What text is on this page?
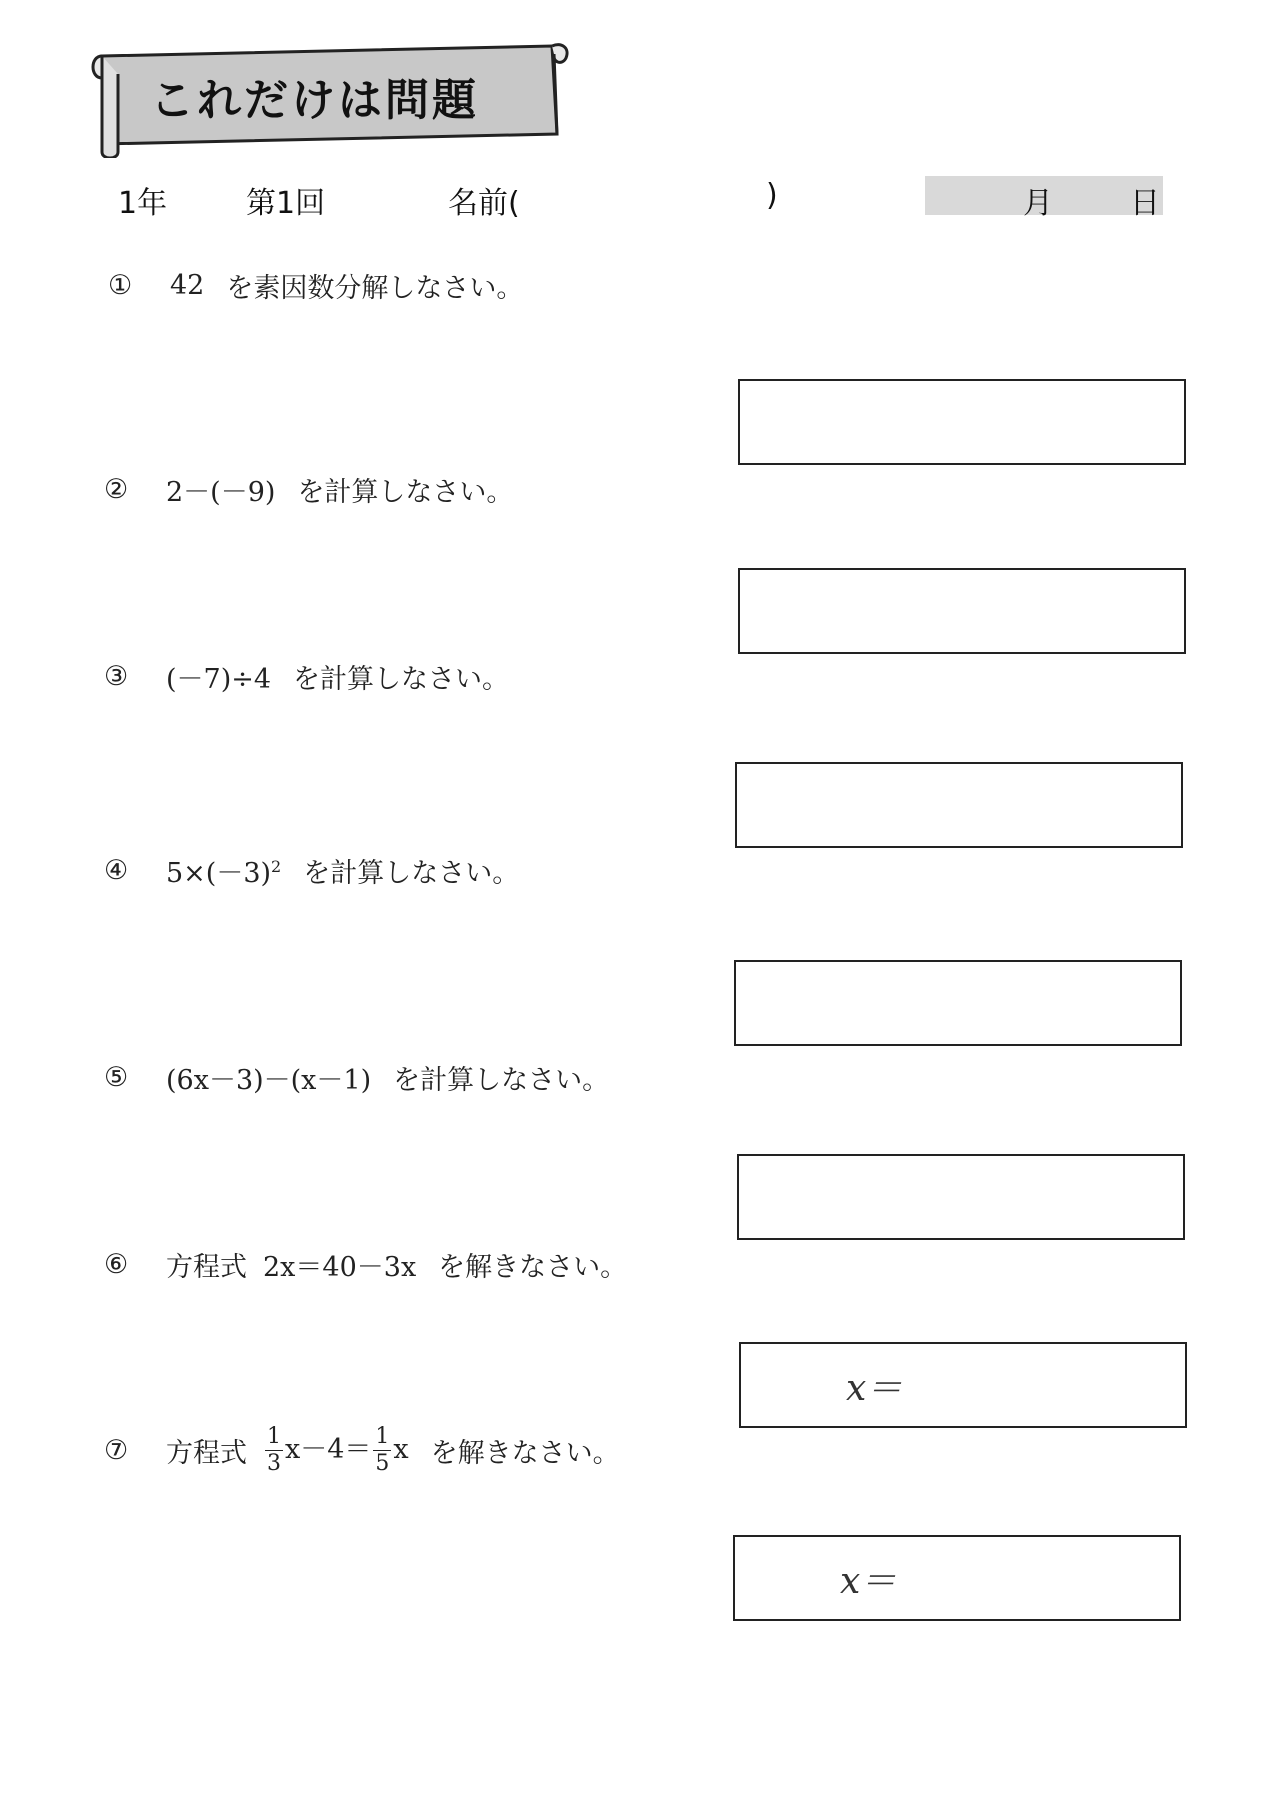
これだけは問題
1年	第1回	名前(	)	月	日
①	42 を素因数分解しなさい。
②	2－(－9) を計算しなさい。
③	(－7)÷4 を計算しなさい。
④	$5\times(-3)^2$ を計算しなさい。
⑤	(6x－3)－(x－1) を計算しなさい。
⑥	方程式 2x＝40－3x を解きなさい。
x＝
⑦	方程式 $\frac{1}{3} x-4= \frac{1}{5}$ x を解きなさい。
x＝
